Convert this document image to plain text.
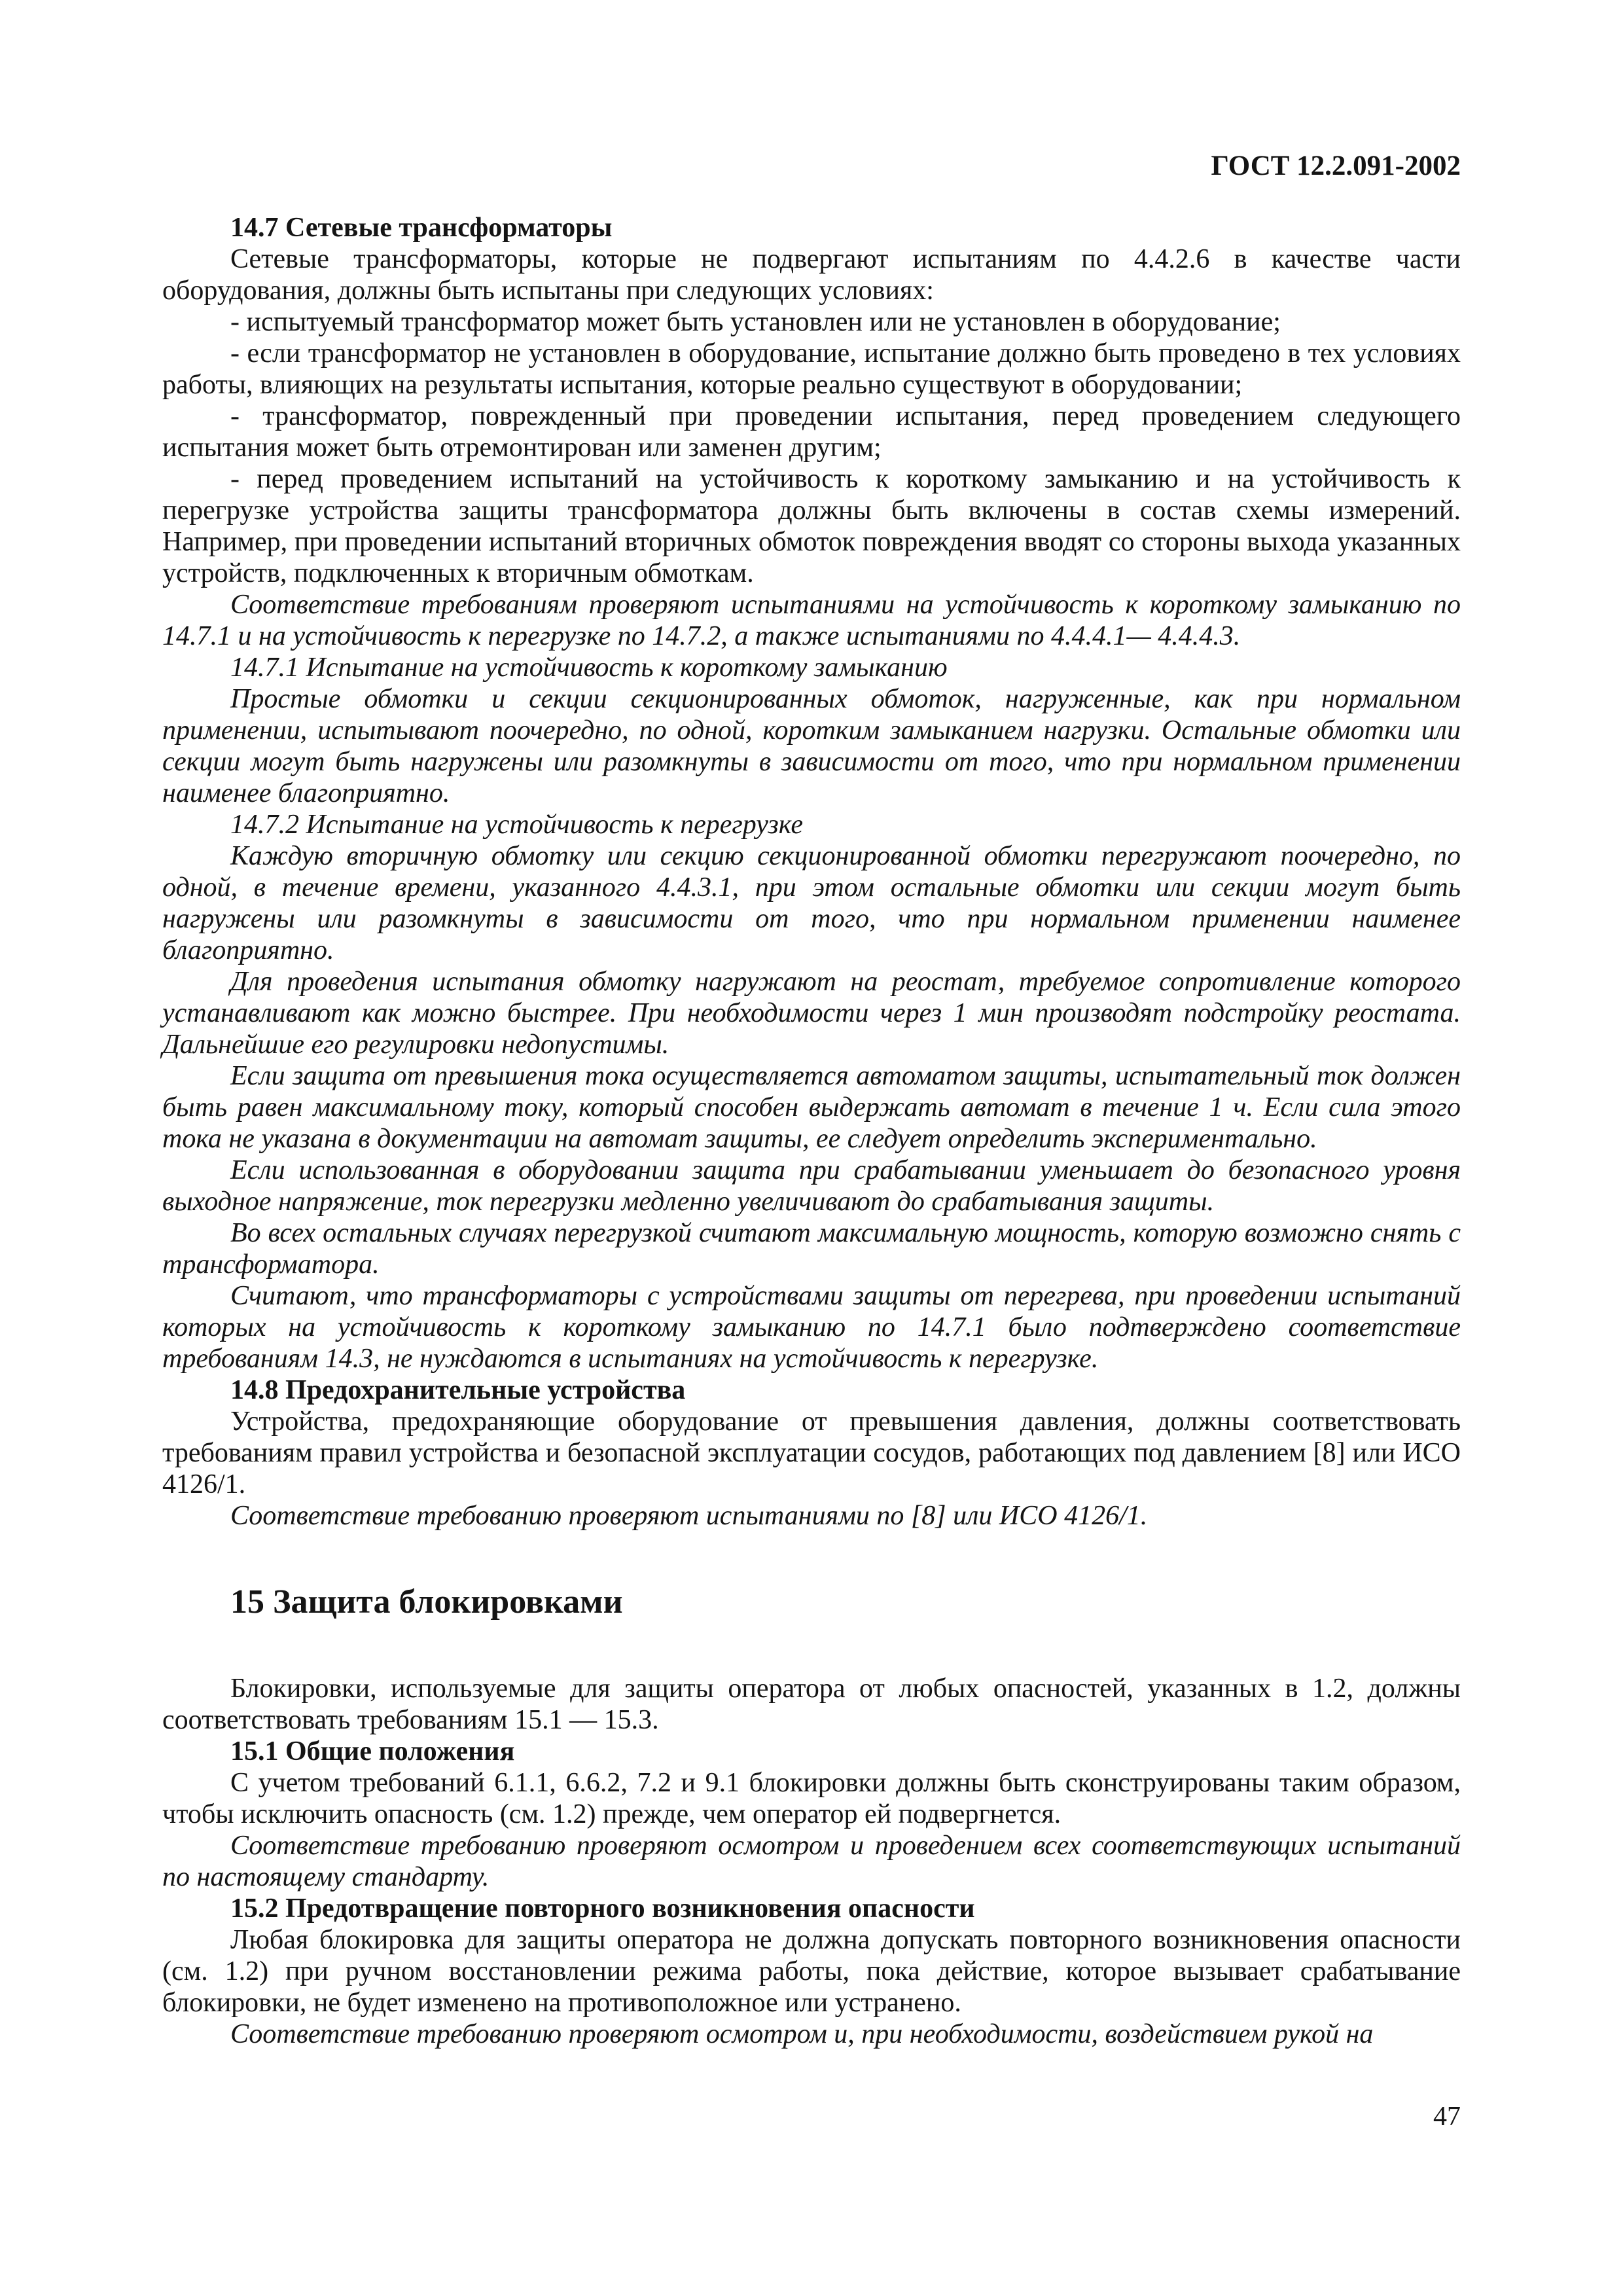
ГОСТ 12.2.091-2002

14.7 Сетевые трансформаторы

Сетевые трансформаторы, которые не подвергают испытаниям по 4.4.2.6 в качестве части оборудования, должны быть испытаны при следующих условиях:

- испытуемый трансформатор может быть установлен или не установлен в оборудование;

- если трансформатор не установлен в оборудование, испытание должно быть проведено в тех условиях работы, влияющих на результаты испытания, которые реально существуют в оборудовании;

- трансформатор, поврежденный при проведении испытания, перед проведением следующего испытания может быть отремонтирован или заменен другим;

- перед проведением испытаний на устойчивость к короткому замыканию и на устойчивость к перегрузке устройства защиты трансформатора должны быть включены в состав схемы измерений. Например, при проведении испытаний вторичных обмоток повреждения вводят со стороны выхода указанных устройств, подключенных к вторичным обмоткам.

Соответствие требованиям проверяют испытаниями на устойчивость к короткому замыканию по 14.7.1 и на устойчивость к перегрузке по 14.7.2, а также испытаниями по 4.4.4.1— 4.4.4.3.

14.7.1 Испытание на устойчивость к короткому замыканию

Простые обмотки и секции секционированных обмоток, нагруженные, как при нормальном применении, испытывают поочередно, по одной, коротким замыканием нагрузки. Остальные обмотки или секции могут быть нагружены или разомкнуты в зависимости от того, что при нормальном применении наименее благоприятно.

14.7.2 Испытание на устойчивость к перегрузке

Каждую вторичную обмотку или секцию секционированной обмотки перегружают поочередно, по одной, в течение времени, указанного 4.4.3.1, при этом остальные обмотки или секции могут быть нагружены или разомкнуты в зависимости от того, что при нормальном применении наименее благоприятно.

Для проведения испытания обмотку нагружают на реостат, требуемое сопротивление которого устанавливают как можно быстрее. При необходимости через 1 мин производят подстройку реостата. Дальнейшие его регулировки недопустимы.

Если защита от превышения тока осуществляется автоматом защиты, испытательный ток должен быть равен максимальному току, который способен выдержать автомат в течение 1 ч. Если сила этого тока не указана в документации на автомат защиты, ее следует определить экспериментально.

Если использованная в оборудовании защита при срабатывании уменьшает до безопасного уровня выходное напряжение, ток перегрузки медленно увеличивают до срабатывания защиты.

Во всех остальных случаях перегрузкой считают максимальную мощность, которую возможно снять с трансформатора.

Считают, что трансформаторы с устройствами защиты от перегрева, при проведении испытаний которых на устойчивость к короткому замыканию по 14.7.1 было подтверждено соответствие требованиям 14.3, не нуждаются в испытаниях на устойчивость к перегрузке.

14.8 Предохранительные устройства

Устройства, предохраняющие оборудование от превышения давления, должны соответствовать требованиям правил устройства и безопасной эксплуатации сосудов, работающих под давлением [8] или ИСО 4126/1.

Соответствие требованию проверяют испытаниями по [8] или ИСО 4126/1.

15 Защита блокировками

Блокировки, используемые для защиты оператора от любых опасностей, указанных в 1.2, должны соответствовать требованиям 15.1 — 15.3.

15.1 Общие положения

С учетом требований 6.1.1, 6.6.2, 7.2 и 9.1 блокировки должны быть сконструированы таким образом, чтобы исключить опасность (см. 1.2) прежде, чем оператор ей подвергнется.

Соответствие требованию проверяют осмотром и проведением всех соответствующих испытаний по настоящему стандарту.

15.2 Предотвращение повторного возникновения опасности

Любая блокировка для защиты оператора не должна допускать повторного возникновения опасности (см. 1.2) при ручном восстановлении режима работы, пока действие, которое вызывает срабатывание блокировки, не будет изменено на противоположное или устранено.

Соответствие требованию проверяют осмотром и, при необходимости, воздействием рукой на

47
